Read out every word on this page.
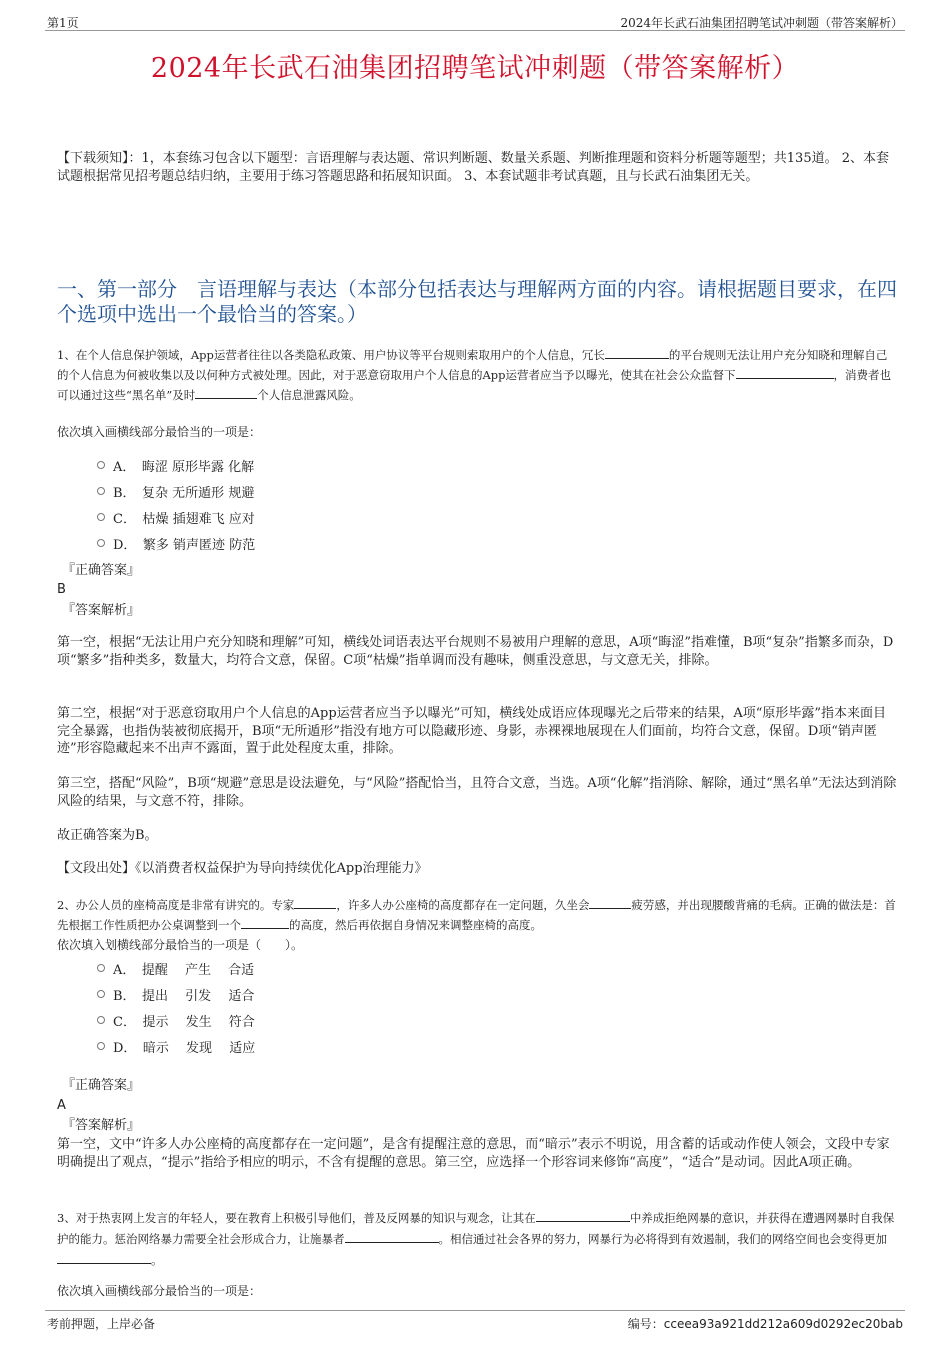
第1页	2024年长武石油集团招聘笔试冲刺题（带答案解析）
2024年长武石油集团招聘笔试冲刺题（带答案解析）
【下载须知】：1，本套练习包含以下题型：言语理解与表达题、常识判断题、数量关系题、判断推理题和资料分析题等题型；共135道。 2、本套试题根据常见招考题总结归纳，主要用于练习答题思路和拓展知识面。 3、本套试题非考试真题，且与长武石油集团无关。
一、第一部分　言语理解与表达（本部分包括表达与理解两方面的内容。请根据题目要求，在四个选项中选出一个最恰当的答案。）
1、在个人信息保护领域，App运营者往往以各类隐私政策、用户协议等平台规则索取用户的个人信息，冗长	的平台规则无法让用户充分知晓和理解自己的个人信息为何被收集以及以何种方式被处理。因此，对于恶意窃取用户个人信息的App运营者应当予以曝光，使其在社会公众监督下	，消费者也可以通过这些“黑名单”及时	个人信息泄露风险。
依次填入画横线部分最恰当的一项是：
A．　晦涩 原形毕露 化解
B．　复杂 无所遁形 规避
C．　枯燥 插翅难飞 应对
D．　繁多 销声匿迹 防范
『正确答案』
B
『答案解析』
第一空，根据“无法让用户充分知晓和理解”可知，横线处词语表达平台规则不易被用户理解的意思，A项“晦涩”指难懂，B项“复杂”指繁多而杂，D项“繁多”指种类多，数量大，均符合文意，保留。C项“枯燥”指单调而没有趣味，侧重没意思，与文意无关，排除。
第二空，根据“对于恶意窃取用户个人信息的App运营者应当予以曝光”可知，横线处成语应体现曝光之后带来的结果，A项“原形毕露”指本来面目完全暴露，也指伪装被彻底揭开，B项“无所遁形”指没有地方可以隐藏形迹、身影，赤裸裸地展现在人们面前，均符合文意，保留。D项“销声匿迹”形容隐藏起来不出声不露面，置于此处程度太重，排除。
第三空，搭配“风险”，B项“规避”意思是设法避免，与“风险”搭配恰当，且符合文意，当选。A项“化解”指消除、解除，通过“黑名单”无法达到消除风险的结果，与文意不符，排除。
故正确答案为B。
【文段出处】《以消费者权益保护为导向持续优化App治理能力》
2、办公人员的座椅高度是非常有讲究的。专家	，许多人办公座椅的高度都存在一定问题，久坐会	疲劳感，并出现腰酸背痛的毛病。正确的做法是：首先根据工作性质把办公桌调整到一个	的高度，然后再依据自身情况来调整座椅的高度。
依次填入划横线部分最恰当的一项是（　　）。
A．　提醒　 产生　 合适
B．　提出　 引发　 适合
C．　提示　 发生　 符合
D．　暗示　 发现　 适应
『正确答案』
A
『答案解析』
第一空，文中“许多人办公座椅的高度都存在一定问题”，是含有提醒注意的意思，而“暗示”表示不明说，用含蓄的话或动作使人领会，文段中专家明确提出了观点，“提示”指给予相应的明示，不含有提醒的意思。第三空，应选择一个形容词来修饰“高度”，“适合”是动词。因此A项正确。
3、对于热衷网上发言的年轻人，要在教育上积极引导他们，普及反网暴的知识与观念，让其在	中养成拒绝网暴的意识，并获得在遭遇网暴时自我保护的能力。惩治网络暴力需要全社会形成合力，让施暴者	。相信通过社会各界的努力，网暴行为必将得到有效遏制，我们的网络空间也会变得更加。
依次填入画横线部分最恰当的一项是：
考前押题，上岸必备	编号：cceea93a921dd212a609d0292ec20bab
